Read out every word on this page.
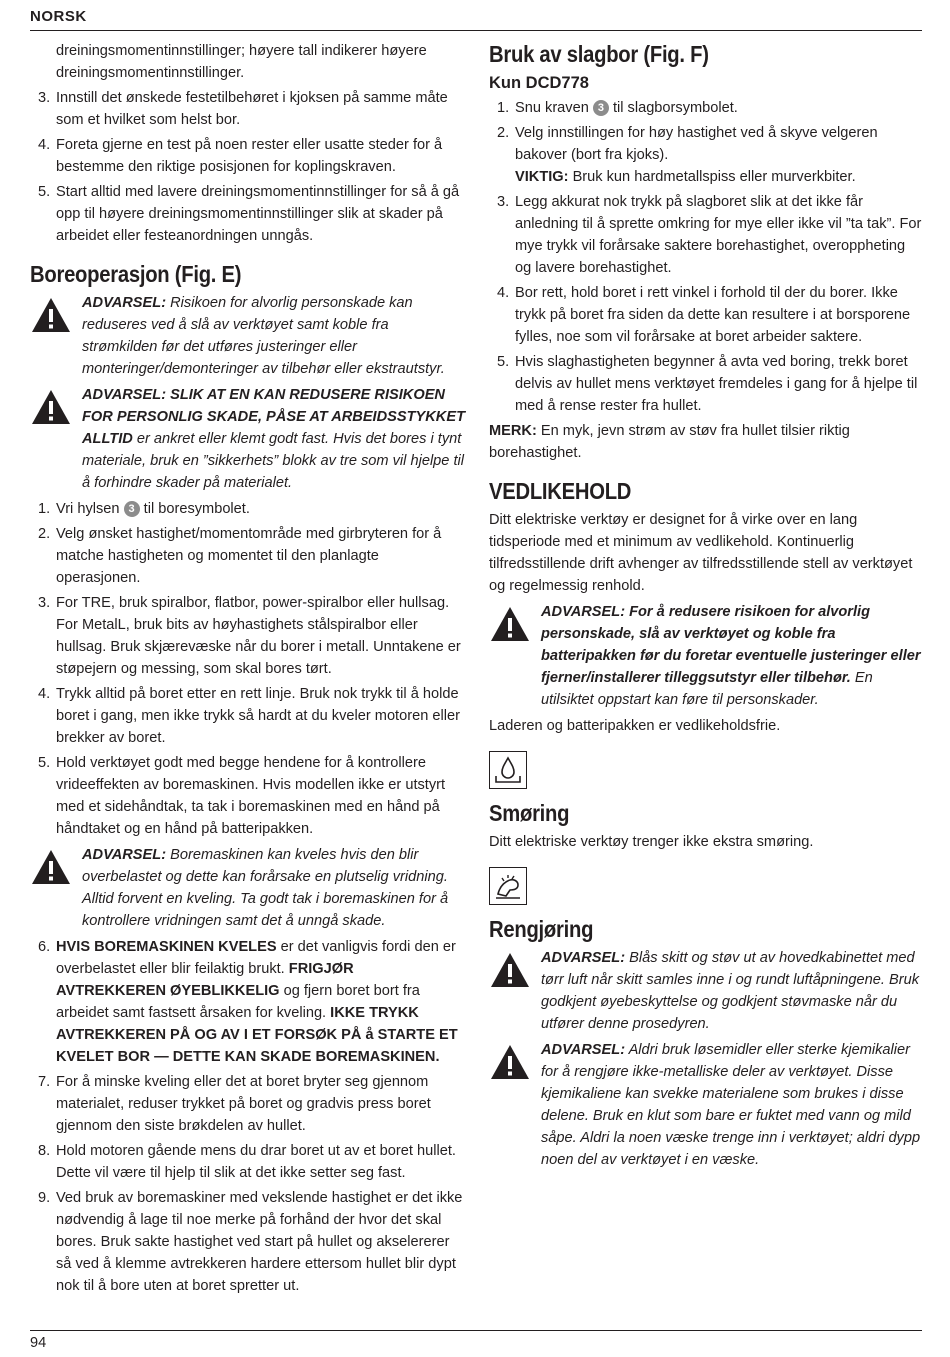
NORSK

dreiningsmomentinnstillinger; høyere tall indikerer høyere dreiningsmomentinnstillinger.

3. Innstill det ønskede festetilbehøret i kjoksen på samme måte som et hvilket som helst bor.
4. Foreta gjerne en test på noen rester eller usatte steder for å bestemme den riktige posisjonen for koplingskraven.
5. Start alltid med lavere dreiningsmomentinnstillinger for så å gå opp til høyere dreiningsmomentinnstillinger slik at skader på arbeidet eller festeanordningen unngås.
Boreoperasjon (Fig. E)
ADVARSEL: Risikoen for alvorlig personskade kan reduseres ved å slå av verktøyet samt koble fra strømkilden før det utføres justeringer eller monteringer/demonteringer av tilbehør eller ekstrautstyr.
ADVARSEL: SLIK AT EN KAN REDUSERE RISIKOEN FOR PERSONLIG SKADE, PÅSE AT ARBEIDSSTYKKET ALLTID er ankret eller klemt godt fast. Hvis det bores i tynt materiale, bruk en ”sikkerhets” blokk av tre som vil hjelpe til å forhindre skader på materialet.
1. Vri hylsen 3 til boresymbolet.
2. Velg ønsket hastighet/momentområde med girbryteren for å matche hastigheten og momentet til den planlagte operasjonen.
3. For TRE, bruk spiralbor, flatbor, power-spiralbor eller hullsag. For MetalL, bruk bits av høyhastighets stålspiralbor eller hullsag. Bruk skjærevæske når du borer i metall. Unntakene er støpejern og messing, som skal bores tørt.
4. Trykk alltid på boret etter en rett linje. Bruk nok trykk til å holde boret i gang, men ikke trykk så hardt at du kveler motoren eller brekker av boret.
5. Hold verktøyet godt med begge hendene for å kontrollere vrideeffekten av boremaskinen. Hvis modellen ikke er utstyrt med et sidehåndtak, ta tak i boremaskinen med en hånd på håndtaket og en hånd på batteripakken.
ADVARSEL: Boremaskinen kan kveles hvis den blir overbelastet og dette kan forårsake en plutselig vridning. Alltid forvent en kveling. Ta godt tak i boremaskinen for å kontrollere vridningen samt det å unngå skade.
6. HVIS BOREMASKINEN KVELES er det vanligvis fordi den er overbelastet eller blir feilaktig brukt. FRIGJØR AVTREKKEREN ØYEBLIKKELIG og fjern boret bort fra arbeidet samt fastsett årsaken for kveling. IKKE TRYKK AVTREKKEREN PÅ OG AV I ET FORSØK PÅ å STARTE ET KVELET BOR — DETTE KAN SKADE BOREMASKINEN.
7. For å minske kveling eller det at boret bryter seg gjennom materialet, reduser trykket på boret og gradvis press boret gjennom den siste brøkdelen av hullet.
8. Hold motoren gående mens du drar boret ut av et boret hullet. Dette vil være til hjelp til slik at det ikke setter seg fast.
9. Ved bruk av boremaskiner med vekslende hastighet er det ikke nødvendig å lage til noe merke på forhånd der hvor det skal bores. Bruk sakte hastighet ved start på hullet og akselererer så ved å klemme avtrekkeren hardere ettersom hullet blir dypt nok til å bore uten at boret spretter ut.
Bruk av slagbor (Fig. F)
Kun DCD778
1. Snu kraven 3 til slagborsymbolet.
2. Velg innstillingen for høy hastighet ved å skyve velgeren bakover (bort fra kjoks).
VIKTIG: Bruk kun hardmetallspiss eller murverkbiter.
3. Legg akkurat nok trykk på slagboret slik at det ikke får anledning til å sprette omkring for mye eller ikke vil ”ta tak”. For mye trykk vil forårsake saktere borehastighet, overoppheting og lavere borehastighet.
4. Bor rett, hold boret i rett vinkel i forhold til der du borer. Ikke trykk på boret fra siden da dette kan resultere i at borsporene fylles, noe som vil forårsake at boret arbeider saktere.
5. Hvis slaghastigheten begynner å avta ved boring, trekk boret delvis av hullet mens verktøyet fremdeles i gang for å hjelpe til med å rense rester fra hullet.

MERK: En myk, jevn strøm av støv fra hullet tilsier riktig borehastighet.

VEDLIKEHOLD

Ditt elektriske verktøy er designet for å virke over en lang tidsperiode med et minimum av vedlikehold. Kontinuerlig tilfredsstillende drift avhenger av tilfredsstillende stell av verktøyet og regelmessig renhold.

ADVARSEL: For å redusere risikoen for alvorlig personskade, slå av verktøyet og koble fra batteripakken før du foretar eventuelle justeringer eller fjerner/installerer tilleggsutstyr eller tilbehør. En utilsiktet oppstart kan føre til personskader.

Laderen og batteripakken er vedlikeholdsfrie.

Smøring

Ditt elektriske verktøy trenger ikke ekstra smøring.

Rengjøring
ADVARSEL: Blås skitt og støv ut av hovedkabinettet med tørr luft når skitt samles inne i og rundt luftåpningene. Bruk godkjent øyebeskyttelse og godkjent støvmaske når du utfører denne prosedyren.
ADVARSEL: Aldri bruk løsemidler eller sterke kjemikalier for å rengjøre ikke-metalliske deler av verktøyet. Disse kjemikaliene kan svekke materialene som brukes i disse delene. Bruk en klut som bare er fuktet med vann og mild såpe. Aldri la noen væske trenge inn i verktøyet; aldri dypp noen del av verktøyet i en væske.
94
